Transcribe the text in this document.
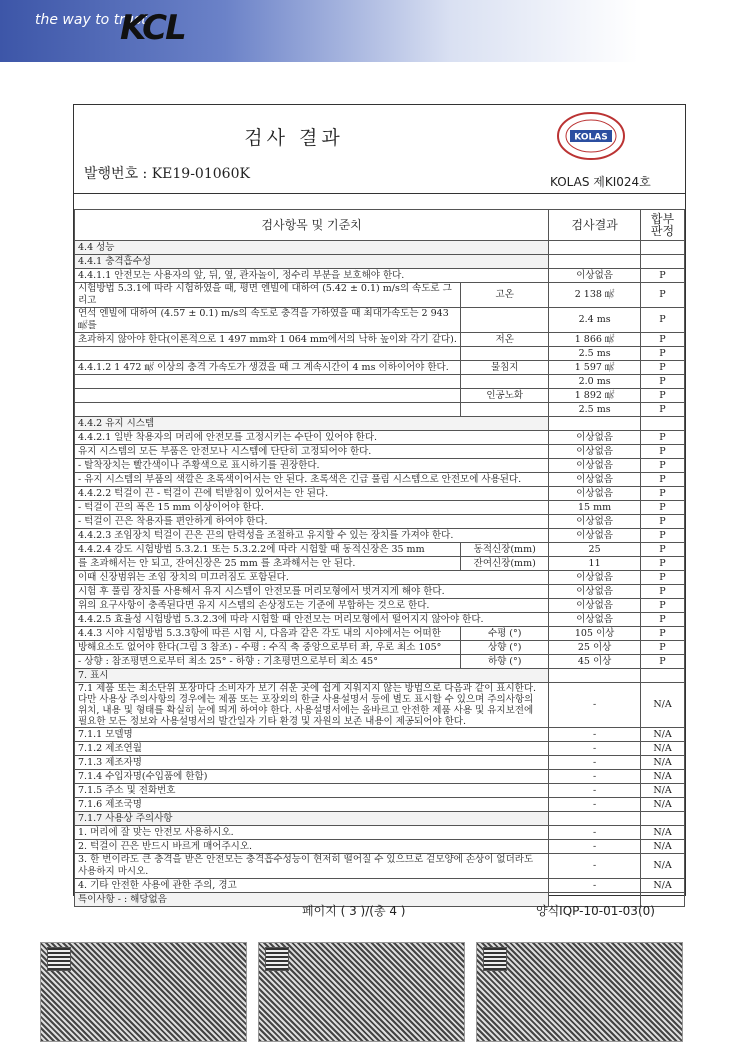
the way to trust
KCL
검사 결과
발행번호 : KE19-01060K
KOLAS
KOLAS 제KI024호
검사항목 및 기준치		검사결과	합부 판정
4.4 성능			
4.4.1 충격흡수성			
4.4.1.1 안전모는 사용자의 앞, 뒤, 옆, 관자놀이, 정수리 부분을 보호해야 한다.		이상없음	P
시험방법 5.3.1에 따라 시험하였을 때, 평면 엔빌에 대하여 (5.42 ± 0.1) m/s의 속도로 그리고	고온	2 138 ㎨	P
연석 엔빌에 대하여 (4.57 ± 0.1) m/s의 속도로 충격을 가하였을 때 최대가속도는 2 943 ㎨를		2.4 ms	P
초과하지 않아야 한다(이론적으로 1 497 mm와 1 064 mm에서의 낙하 높이와 각기 같다).	저온	1 866 ㎨	P
		2.5 ms	P
4.4.1.2 1 472 ㎨ 이상의 충격 가속도가 생겼을 때 그 계속시간이 4 ms 이하이어야 한다.	물침지	1 597 ㎨	P
		2.0 ms	P
	인공노화	1 892 ㎨	P
		2.5 ms	P
4.4.2 유지 시스템			
4.4.2.1 일반 착용자의 머리에 안전모를 고정시키는 수단이 있어야 한다.		이상없음	P
유지 시스템의 모든 부품은 안전모나 시스템에 단단히 고정되어야 한다.		이상없음	P
- 탈착장치는 빨간색이나 주황색으로 표시하기를 권장한다.		이상없음	P
- 유지 시스템의 부품의 색깔은 초록색이어서는 안 된다. 초록색은 긴급 풀림 시스템으로 안전모에 사용된다.		이상없음	P
4.4.2.2 턱걸이 끈 - 턱걸이 끈에 턱받침이 있어서는 안 된다.		이상없음	P
- 턱걸이 끈의 폭은 15 mm 이상이어야 한다.		15 mm	P
- 턱걸이 끈은 착용자를 편안하게 하여야 한다.		이상없음	P
4.4.2.3 조임장치 턱걸이 끈은 끈의 탄력성을 조절하고 유지할 수 있는 장치를 가져야 한다.		이상없음	P
4.4.2.4 강도 시험방법 5.3.2.1 또는 5.3.2.2에 따라 시험할 때 동적신장은 35 mm	동적신장(mm)	25	P
를 초과해서는 안 되고, 잔여신장은 25 mm 를 초과해서는 안 된다.	잔여신장(mm)	11	P
이때 신장범위는 조임 장치의 미끄러짐도 포함된다.		이상없음	P
시험 후 풀림 장치를 사용해서 유지 시스템이 안전모를 머리모형에서 벗겨지게 해야 한다.		이상없음	P
위의 요구사항이 충족된다면 유지 시스템의 손상정도는 기준에 부합하는 것으로 한다.		이상없음	P
4.4.2.5 효율성 시험방법 5.3.2.3에 따라 시험할 때 안전모는 머리모형에서 떨어지지 않아야 한다.		이상없음	P
4.4.3 시야 시험방법 5.3.3항에 따른 시험 시, 다음과 같은 각도 내의 시야에서는 어떠한	수평 (°)	105 이상	P
방해요소도 없어야 한다(그림 3 참조) - 수평 : 수직 축 중앙으로부터 좌, 우로 최소 105°	상향 (°)	25 이상	P
- 상향 : 참조평면으로부터 최소 25° - 하향 : 기초평면으로부터 최소 45°	하향 (°)	45 이상	P
7. 표시			
7.1 제품 또는 최소단위 포장마다 소비자가 보기 쉬운 곳에 쉽게 지워지지 않는 방법으로 다음과 같이 표시한다. 다만 사용상 주의사항의 경우에는 제품 또는 포장외의 한글 사용설명서 등에 별도 표시할 수 있으며 주의사항의 위치, 내용 및 형태를 확실히 눈에 띄게 하여야 한다. 사용설명서에는 올바르고 안전한 제품 사용 및 유지보전에 필요한 모든 정보와 사용설명서의 발간일자 기타 환경 및 자원의 보존 내용이 제공되어야 한다.		-	N/A
7.1.1 모델명		-	N/A
7.1.2 제조연월		-	N/A
7.1.3 제조자명		-	N/A
7.1.4 수입자명(수입품에 한함)		-	N/A
7.1.5 주소 및 전화번호		-	N/A
7.1.6 제조국명		-	N/A
7.1.7 사용상 주의사항			
1. 머리에 잘 맞는 안전모 사용하시오.		-	N/A
2. 턱걸이 끈은 반드시 바르게 매어주시오.		-	N/A
3. 한 번이라도 큰 충격을 받은 안전모는 충격흡수성능이 현저히 떨어질 수 있으므로 겉모양에 손상이 없더라도 사용하지 마시오.		-	N/A
4. 기타 안전한 사용에 관한 주의, 경고		-	N/A
특이사항 - : 해당없음			
페이지 ( 3 )/(총 4 )	양식IQP-10-01-03(0)
